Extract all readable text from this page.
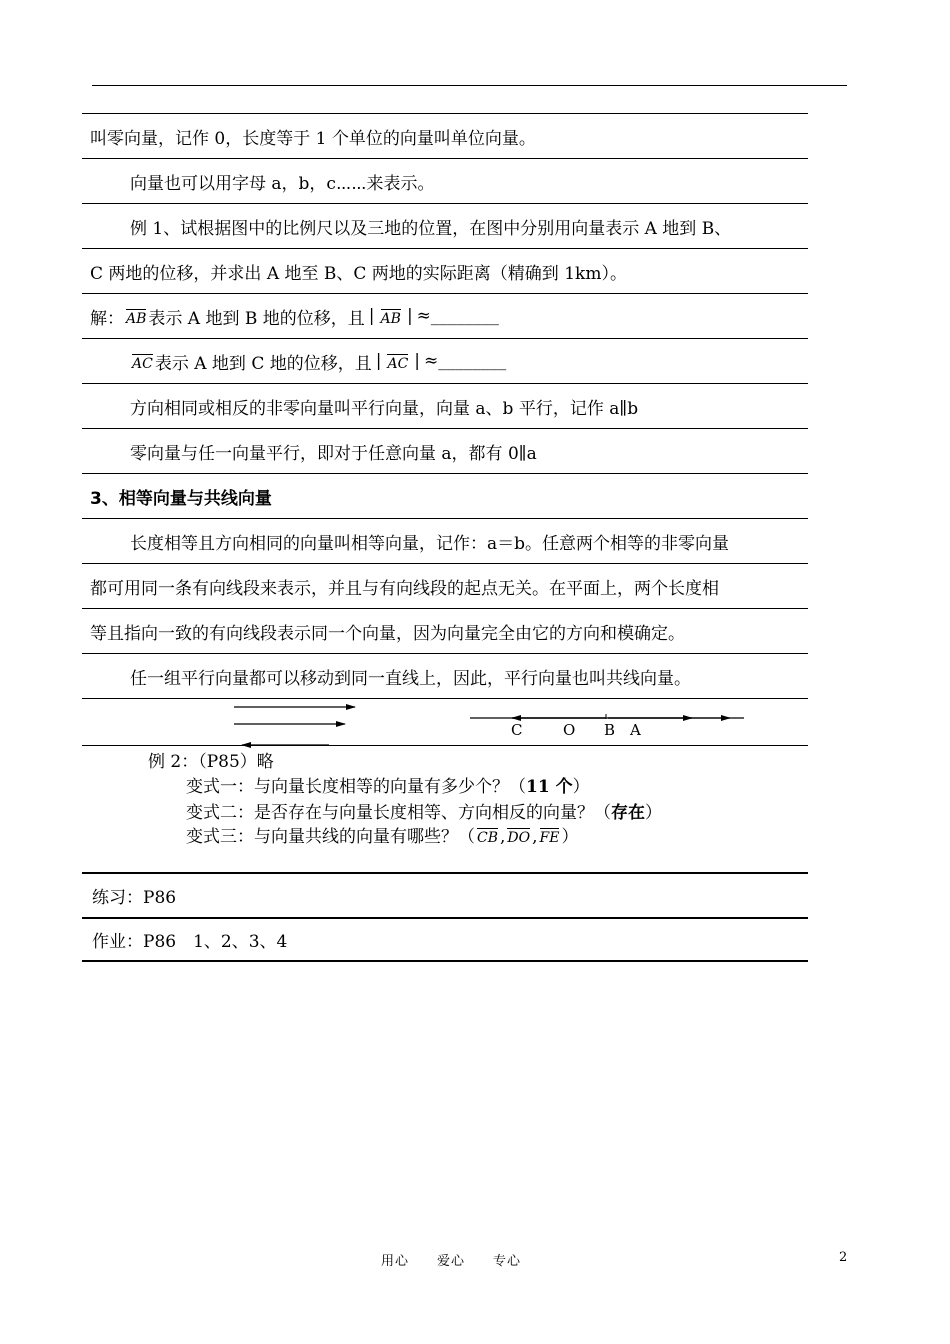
叫零向量，记作 0，长度等于 1 个单位的向量叫单位向量。
向量也可以用字母 a，b，c⋯⋯来表示。
例 1、试根据图中的比例尺以及三地的位置，在图中分别用向量表示 A 地到 B、
C 两地的位移，并求出 A 地至 B、C 两地的实际距离（精确到 1km）。
解： AB 表示 A 地到 B 地的位移，且 | AB | ≈ ________
AC 表示 A 地到 C 地的位移，且 | AC | ≈ ________
方向相同或相反的非零向量叫平行向量，向量 a、b 平行，记作 a∥b
零向量与任一向量平行，即对于任意向量 a，都有 0∥a
3、相等向量与共线向量
长度相等且方向相同的向量叫相等向量，记作：a＝b。任意两个相等的非零向量
都可用同一条有向线段来表示，并且与有向线段的起点无关。在平面上，两个长度相
等且指向一致的有向线段表示同一个向量，因为向量完全由它的方向和模确定。
任一组平行向量都可以移动到同一直线上，因此，平行向量也叫共线向量。
C	O B A
例 2：（P85）略
变式一：与向量长度相等的向量有多少个？（11 个）
变式二：是否存在与向量长度相等、方向相反的向量？（存在）
变式三：与向量共线的向量有哪些？（ CB , DO , FE ）
练习：P86
作业：P86　1、2、3、4
用心　　爱心　　专心	2
